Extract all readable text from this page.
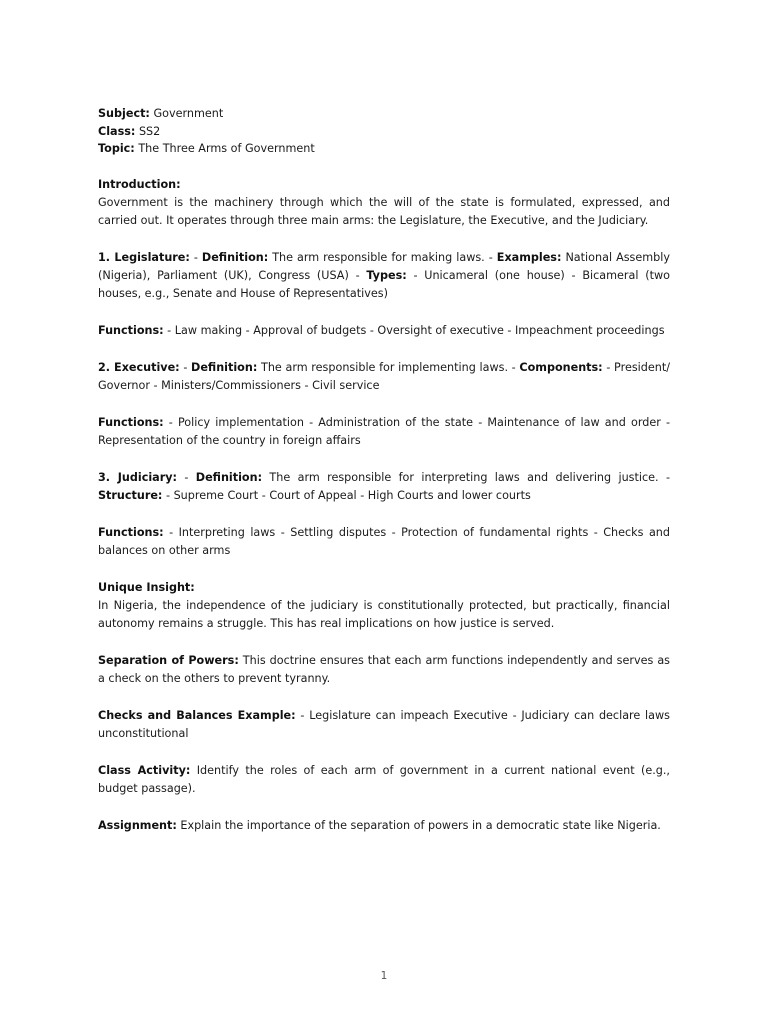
Subject: Government

Class: SS2

Topic: The Three Arms of Government

Introduction:

Government is the machinery through which the will of the state is formulated, expressed, and carried out. It operates through three main arms: the Legislature, the Executive, and the Judiciary.

1. Legislature: - Definition: The arm responsible for making laws. - Examples: National Assembly (Nigeria), Parliament (UK), Congress (USA) - Types: - Unicameral (one house) - Bicameral (two houses, e.g., Senate and House of Representatives)

Functions: - Law making - Approval of budgets - Oversight of executive - Impeachment proceedings

2. Executive: - Definition: The arm responsible for implementing laws. - Components: - President/ Governor - Ministers/Commissioners - Civil service

Functions: - Policy implementation - Administration of the state - Maintenance of law and order - Representation of the country in foreign affairs

3. Judiciary: - Definition: The arm responsible for interpreting laws and delivering justice. - Structure: - Supreme Court - Court of Appeal - High Courts and lower courts

Functions: - Interpreting laws - Settling disputes - Protection of fundamental rights - Checks and balances on other arms

Unique Insight:

In Nigeria, the independence of the judiciary is constitutionally protected, but practically, financial autonomy remains a struggle. This has real implications on how justice is served.

Separation of Powers: This doctrine ensures that each arm functions independently and serves as a check on the others to prevent tyranny.

Checks and Balances Example: - Legislature can impeach Executive - Judiciary can declare laws unconstitutional

Class Activity: Identify the roles of each arm of government in a current national event (e.g., budget passage).

Assignment: Explain the importance of the separation of powers in a democratic state like Nigeria.

1
